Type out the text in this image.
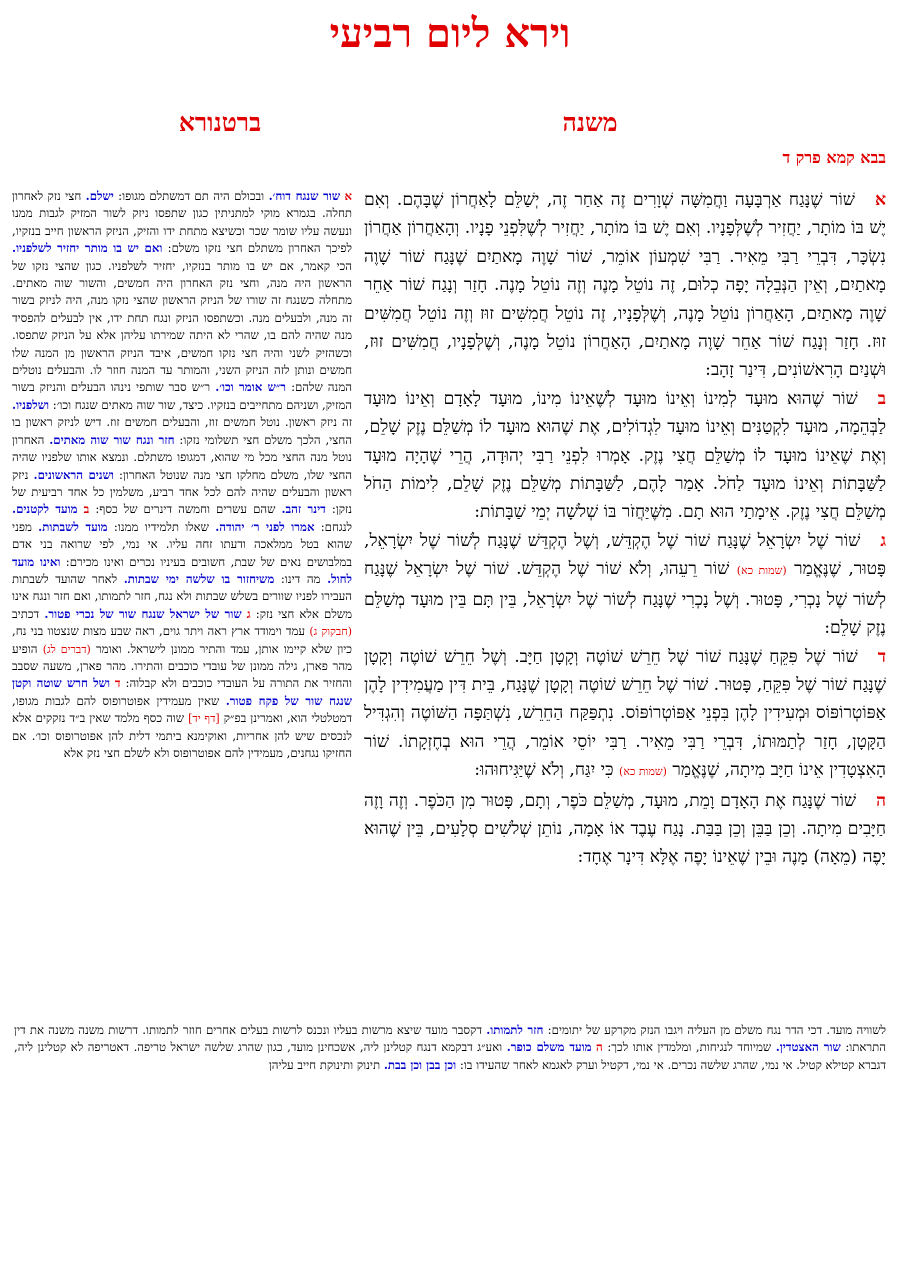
וירא ליום רביעי
משנה
ברטנורא
בבא קמא פרק ד

אשׁוֹר שֶׁנָּגַח אַרְבָּעָה וַחֲמִשָּׁה שְׁוָרִים זֶה אַחַר זֶה, יְשַׁלֵּם לָאַחֲרוֹן שֶׁבָּהֶם. וְאִם יֶשׁ בּוֹ מוֹתָר, יַחֲזִיר לְשֶׁלְּפָנָיו. וְאִם יֶשׁ בּוֹ מוֹתָר, יַחֲזִיר לְשֶׁלִּפְנֵי פָנָיו. וְהָאַחֲרוֹן אַחֲרוֹן נִשְׂכָּר, דִּבְרֵי רַבִּי מֵאִיר. רַבִּי שִׁמְעוֹן אוֹמֵר, שׁוֹר שָׁוֶה מָאתַיִם שֶׁנָּגַח שׁוֹר שָׁוֶה מָאתַיִם, וְאֵין הַנְּבֵלָה יָפָה כְלוּם, זֶה נוֹטֵל מָנֶה וְזֶה נוֹטֵל מָנֶה. חָזַר וְנָגַח שׁוֹר אַחֵר שָׁוֶה מָאתַיִם, הָאַחֲרוֹן נוֹטֵל מָנֶה, וְשֶׁלְּפָנָיו, זֶה נוֹטֵל חֲמִשִּׁים זוּז וְזֶה נוֹטֵל חֲמִשִּׁים זוּז. חָזַר וְנָגַח שׁוֹר אַחֵר שָׁוֶה מָאתַיִם, הָאַחֲרוֹן נוֹטֵל מָנֶה, וְשֶׁלְּפָנָיו, חֲמִשִּׁים זוּז, וּשְׁנַיִם הָרִאשׁוֹנִים, דִּינַר זָהָב:

בשׁוֹר שֶׁהוּא מוּעָד לְמִינוֹ וְאֵינוֹ מוּעָד לְשֶׁאֵינוֹ מִינוֹ, מוּעָד לָאָדָם וְאֵינוֹ מוּעָד לַבְּהֵמָה, מוּעָד לִקְטַנִּים וְאֵינוֹ מוּעָד לִגְדוֹלִים, אֶת שֶׁהוּא מוּעָד לוֹ מְשַׁלֵּם נֶזֶק שָׁלֵם, וְאֶת שֶׁאֵינוֹ מוּעָד לוֹ מְשַׁלֵּם חֲצִי נֶזֶק. אָמְרוּ לִפְנֵי רַבִּי יְהוּדָה, הֲרֵי שֶׁהָיָה מוּעָד לַשַּׁבָּתוֹת וְאֵינוֹ מוּעָד לַחֹל. אָמַר לָהֶם, לַשַּׁבָּתוֹת מְשַׁלֵּם נֶזֶק שָׁלֵם, לִימוֹת הַחֹל מְשַׁלֵּם חֲצִי נֶזֶק. אֵימָתַי הוּא תָם. מִשֶּׁיַּחֲזֹר בּוֹ שְׁלשָׁה יְמֵי שַׁבָּתוֹת:

גשׁוֹר שֶׁל יִשְׂרָאֵל שֶׁנָּגַח שׁוֹר שֶׁל הֶקְדֵּשׁ, וְשֶׁל הֶקְדֵּשׁ שֶׁנָּגַח לְשׁוֹר שֶׁל יִשְׂרָאֵל, פָּטוּר, שֶׁנֶּאֱמַר (שמות כא) שׁוֹר רֵעֵהוּ, וְלֹא שׁוֹר שֶׁל הֶקְדֵּשׁ. שׁוֹר שֶׁל יִשְׂרָאֵל שֶׁנָּגַח לְשׁוֹר שֶׁל נָכְרִי, פָּטוּר. וְשֶׁל נָכְרִי שֶׁנָּגַח לְשׁוֹר שֶׁל יִשְׂרָאֵל, בֵּין תָּם בֵּין מוּעָד מְשַׁלֵּם נֶזֶק שָׁלֵם:

דשׁוֹר שֶׁל פִּקֵּחַ שֶׁנָּגַח שׁוֹר שֶׁל חֵרֵשׁ שׁוֹטֶה וְקָטָן חַיָּב. וְשֶׁל חֵרֵשׁ שׁוֹטֶה וְקָטָן שֶׁנָּגַח שׁוֹר שֶׁל פִּקֵּחַ, פָּטוּר. שׁוֹר שֶׁל חֵרֵשׁ שׁוֹטֶה וְקָטָן שֶׁנָּגַח, בֵּית דִּין מַעֲמִידִין לָהֶן אַפּוֹטְרוֹפּוֹס וּמְעִידִין לָהֶן בִּפְנֵי אַפּוֹטְרוֹפּוֹס. נִתְפַּקַּח הַחֵרֵשׁ, נִשְׁתַּפָּה הַשּׁוֹטֶה וְהִגְדִּיל הַקָּטָן, חָזַר לְתַמּוּתוֹ, דִּבְרֵי רַבִּי מֵאִיר. רַבִּי יוֹסֵי אוֹמֵר, הֲרֵי הוּא בְחֶזְקָתוֹ. שׁוֹר הָאִצְטָדִין אֵינוֹ חַיָּב מִיתָה, שֶׁנֶּאֱמַר (שמות כא) כִּי יִגַּח, וְלֹא שֶׁיַּגִּיחוּהוּ:

השׁוֹר שֶׁנָּגַח אֶת הָאָדָם וָמֵת, מוּעָד, מְשַׁלֵּם כֹּפֶר, וְתָם, פָּטוּר מִן הַכֹּפֶר. וְזֶה וָזֶה חַיָּבִים מִיתָה. וְכֵן בַּבֵּן וְכֵן בַּבַּת. נָגַח עֶבֶד אוֹ אָמָה, נוֹתֵן שְׁלשִׁים סְלָעִים, בֵּין שֶׁהוּא יָפֶה (מֵאָה) מָנֶה וּבֵין שֶׁאֵינוֹ יָפֶה אֶלָּא דִּינָר אֶחָד:

א שור שנגח דוח׳. ובכולם היה תם דמשתלם מגופו: ישלם. חצי נזק לאחרון תחלה. בגמרא מוקי למתניתין כגון שתפסו ניזק לשור המזיק לגבות ממנו ונעשה עליו שומר שכר וכשיצא מתחת ידו והזיק, הניזק הראשון חייב בנזקיו, לפיכך האחרון משתלם חצי נזקו משלם: ואם יש בו מותר יחזיר לשלפניו. הכי קאמר, אם יש בו מותר בנזקיו, יחזיר לשלפניו. כגון שהצי נזקו של הראשון היה מנה, וחצי נזק האחרון היה חמשים, והשור שוה מאתים. מתחלה כשנגח זה שורו של הניזק הראשון שהצי נזקו מנה, היה לניזק בשור זה מנה, ולבעלים מנה. וכשתפסו הניזק ונגח תחת ידו, אין לבעלים להפסיד מנה שהיה להם בו, שהרי לא היתה שמירתו עליהן אלא על הניזק שתפסו. וכשהזיק לשני והיה חצי נזקו חמשים, איבד הניזק הראשון מן המנה שלו חמשים ונותן לזה הניזק השני, והמותר עד המנה חוזר לו. והבעלים נוטלים המנה שלהם: ר״ש אומר וכו׳. ר״ש סבר שותפי נינהו הבעלים והניזק בשור המזיק, ושניהם מתחייבים בנזקיו. כיצד, שור שוה מאתים שנגח וכו׳: ושלפניו. זה ניזק ראשון. נוטל חמשים זוז, והבעלים חמשים זוז. דיש לניזק ראשון בו החצי, הלכך משלם חצי תשלומי נזקו: חזר ונגח שור שוה מאתים. האחרון נוטל מנה החצי מכל מי שהוא, דמגופו משתלם. ונמצא אותו שלפניו שהיה החצי שלו, משלם מחלקו חצי מנה שנוטל האחרון: ושנים הראשונים. ניזק ראשון והבעלים שהיה להם לכל אחד רביע, משלמין כל אחד רביעית של נזקן: דינר זהב. שהם עשרים וחמשה דינרים של כסף: ב מועד לקטנים. לנגחם: אמרו לפני ר׳ יהודה. שאלו תלמידיו ממנו: מועד לשבתות. מפני שהוא בטל ממלאכה ודעתו זחה עליו. אי נמי, לפי שרואה בני אדם במלבושים נאים של שבת, חשובים בעיניו נכרים ואינו מכירם: ואינו מועד לחול. מה דינו: משיחזור בו שלשה ימי שבתות. לאחר שהועד לשבתות העבירו לפניו שוורים בשלש שבתות ולא נגח, חזר לתמותו, ואם חזר ונגח אינו משלם אלא חצי נזק: ג שור של ישראל שנגח שור של נכרי פטור. דכתיב (חבקוק ג) עמד וימודד ארץ ראה ויתר גוים, ראה שבע מצות שנצטוו בני נח, כיון שלא קיימו אותן, עמד והתיר ממונן לישראל. ואומר (דברים לג) הופיע מהר פארן, גילה ממונן של עובדי כוכבים והתירו. מהר פארן, משעה שסבב והחזיר את התורה על העובדי כוכבים ולא קבלוה: ד ושל חרש שוטה וקטן שנגח שור של פקח פטור. שאין מעמידין אפוטרופוס להם לגבות מגופו, דמטלטלי הוא, ואמרינן בפ״ק [דף יד] שוה כסף מלמד שאין ב״ד נזקקים אלא לנכסים שיש להן אחריות, ואוקימנא ביתמי דלית להן אפוטרופוס וכו׳. אם החזיקו נגחנים, מעמידין להם אפוטרופוס ולא לשלם חצי נזק אלא
לשוויה מועד. דכי הדר נגח משלם מן העליה ויגבו הנזק מקרקע של יתומים: חזר לתמותו. דקסבר מועד שיצא מרשות בעליו ונכנס לרשות בעלים אחרים חוזר לתמותו. דרשות משנה משנה את דין התראתו: שור האצטדין. שמיוחד לנגיחות, ומלמדין אותו לכך: ה מועד משלם כופר. ואע״ג דבקמא דנגח קטלינן ליה, אשכחינן מועד, כגון שהרג שלשה ישראל טריפה. דאטריפה לא קטלינן ליה, דגברא קטילא קטיל. אי נמי, שהרג שלשה נכרים. אי נמי, דקטיל וערק לאגמא לאחר שהעידו בו: וכן בבן וכן בבת. תינוק ותינוקת חייב עליהן
